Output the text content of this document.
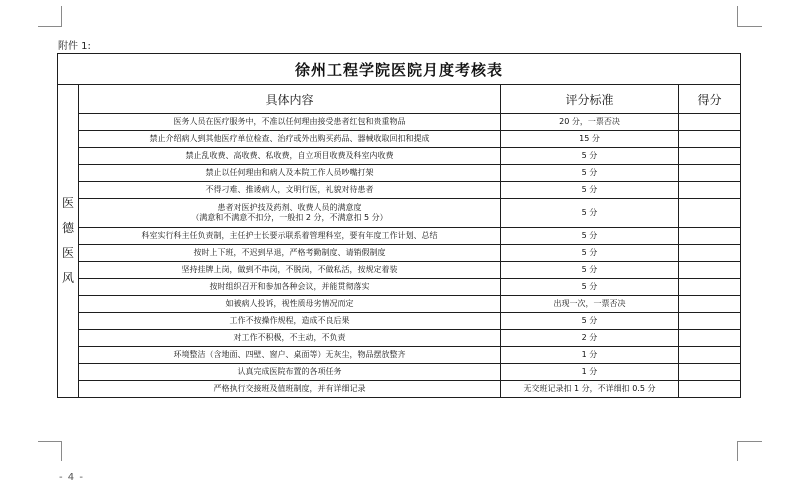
附件 1:
徐州工程学院医院月度考核表			

医
德
医
风	具体内容	评分标准	得分

	医务人员在医疗服务中，不准以任何理由接受患者红包和贵重物品	20 分，一票否决	

	禁止介绍病人到其他医疗单位检查、治疗或外出购买药品、器械收取回扣和提成	15 分	

	禁止乱收费、高收费、私收费，自立项目收费及科室内收费	5 分	

	禁止以任何理由和病人及本院工作人员吵嘴打架	5 分	

	不得刁难、推诿病人，文明行医，礼貌对待患者	5 分	

	患者对医护技及药剂、收费人员的满意度
（满意和不满意不扣分，一般扣 2 分，不满意扣 5 分）	5 分	

	科室实行科主任负责制，主任护士长要示联系着管理科室，要有年度工作计划、总结	5 分	

	按时上下班，不迟到早退，严格考勤制度、请销假制度	5 分	

	坚持挂牌上岗，做到不串岗，不脱岗，不做私活，按规定着装	5 分	

	按时组织召开和参加各种会议，并能贯彻落实	5 分	

	如被病人投诉，视性质母劣情况而定	出现一次，一票否决	

	工作不按操作规程，造成不良后果	5 分	

	对工作不积极，不主动，不负责	2 分	

	环境整洁（含地面、四壁、窗户、桌面等）无灰尘，物品摆放整齐	1 分	

	认真完成医院布置的各项任务	1 分	

	严格执行交接班及值班制度，并有详细记录	无交班记录扣 1 分，不详细扣 0.5 分	
- 4 -
